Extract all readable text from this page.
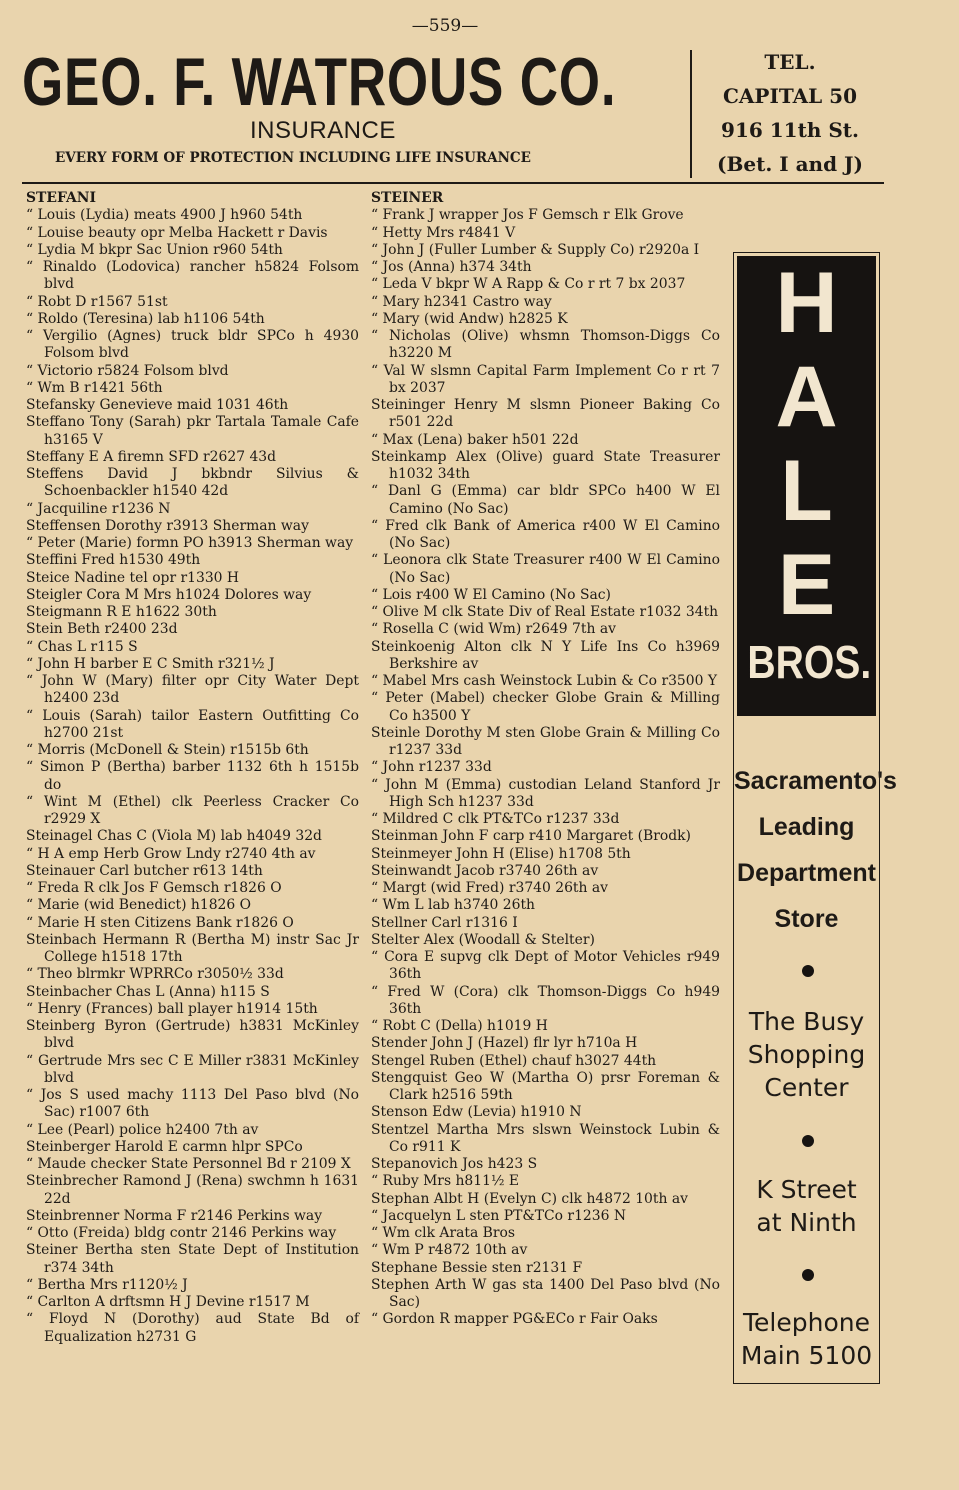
—559—
GEO. F. WATROUS CO.
INSURANCE
EVERY FORM OF PROTECTION INCLUDING LIFE INSURANCE
TEL.
CAPITAL 50
916 11th St.
(Bet. I and J)
STEFANI
“ Louis (Lydia) meats 4900 J h960 54th
“ Louise beauty opr Melba Hackett r Davis
“ Lydia M bkpr Sac Union r960 54th
“ Rinaldo (Lodovica) rancher h5824 Folsom blvd
“ Robt D r1567 51st
“ Roldo (Teresina) lab h1106 54th
“ Vergilio (Agnes) truck bldr SPCo h 4930 Folsom blvd
“ Victorio r5824 Folsom blvd
“ Wm B r1421 56th
Stefansky Genevieve maid 1031 46th
Steffano Tony (Sarah) pkr Tartala Tamale Cafe h3165 V
Steffany E A firemn SFD r2627 43d
Steffens David J bkbndr Silvius & Schoenbackler h1540 42d
“ Jacquiline r1236 N
Steffensen Dorothy r3913 Sherman way
“ Peter (Marie) formn PO h3913 Sherman way
Steffini Fred h1530 49th
Steice Nadine tel opr r1330 H
Steigler Cora M Mrs h1024 Dolores way
Steigmann R E h1622 30th
Stein Beth r2400 23d
“ Chas L r115 S
“ John H barber E C Smith r321½ J
“ John W (Mary) filter opr City Water Dept h2400 23d
“ Louis (Sarah) tailor Eastern Outfitting Co h2700 21st
“ Morris (McDonell & Stein) r1515b 6th
“ Simon P (Bertha) barber 1132 6th h 1515b do
“ Wint M (Ethel) clk Peerless Cracker Co r2929 X
Steinagel Chas C (Viola M) lab h4049 32d
“ H A emp Herb Grow Lndy r2740 4th av
Steinauer Carl butcher r613 14th
“ Freda R clk Jos F Gemsch r1826 O
“ Marie (wid Benedict) h1826 O
“ Marie H sten Citizens Bank r1826 O
Steinbach Hermann R (Bertha M) instr Sac Jr College h1518 17th
“ Theo blrmkr WPRRCo r3050½ 33d
Steinbacher Chas L (Anna) h115 S
“ Henry (Frances) ball player h1914 15th
Steinberg Byron (Gertrude) h3831 McKinley blvd
“ Gertrude Mrs sec C E Miller r3831 McKinley blvd
“ Jos S used machy 1113 Del Paso blvd (No Sac) r1007 6th
“ Lee (Pearl) police h2400 7th av
Steinberger Harold E carmn hlpr SPCo
“ Maude checker State Personnel Bd r 2109 X
Steinbrecher Ramond J (Rena) swchmn h 1631 22d
Steinbrenner Norma F r2146 Perkins way
“ Otto (Freida) bldg contr 2146 Perkins way
Steiner Bertha sten State Dept of Institution r374 34th
“ Bertha Mrs r1120½ J
“ Carlton A drftsmn H J Devine r1517 M
“ Floyd N (Dorothy) aud State Bd of Equalization h2731 G
STEINER
“ Frank J wrapper Jos F Gemsch r Elk Grove
“ Hetty Mrs r4841 V
“ John J (Fuller Lumber & Supply Co) r2920a I
“ Jos (Anna) h374 34th
“ Leda V bkpr W A Rapp & Co r rt 7 bx 2037
“ Mary h2341 Castro way
“ Mary (wid Andw) h2825 K
“ Nicholas (Olive) whsmn Thomson-Diggs Co h3220 M
“ Val W slsmn Capital Farm Implement Co r rt 7 bx 2037
Steininger Henry M slsmn Pioneer Baking Co r501 22d
“ Max (Lena) baker h501 22d
Steinkamp Alex (Olive) guard State Treasurer h1032 34th
“ Danl G (Emma) car bldr SPCo h400 W El Camino (No Sac)
“ Fred clk Bank of America r400 W El Camino (No Sac)
“ Leonora clk State Treasurer r400 W El Camino (No Sac)
“ Lois r400 W El Camino (No Sac)
“ Olive M clk State Div of Real Estate r1032 34th
“ Rosella C (wid Wm) r2649 7th av
Steinkoenig Alton clk N Y Life Ins Co h3969 Berkshire av
“ Mabel Mrs cash Weinstock Lubin & Co r3500 Y
“ Peter (Mabel) checker Globe Grain & Milling Co h3500 Y
Steinle Dorothy M sten Globe Grain & Milling Co r1237 33d
“ John r1237 33d
“ John M (Emma) custodian Leland Stanford Jr High Sch h1237 33d
“ Mildred C clk PT&TCo r1237 33d
Steinman John F carp r410 Margaret (Brodk)
Steinmeyer John H (Elise) h1708 5th
Steinwandt Jacob r3740 26th av
“ Margt (wid Fred) r3740 26th av
“ Wm L lab h3740 26th
Stellner Carl r1316 I
Stelter Alex (Woodall & Stelter)
“ Cora E supvg clk Dept of Motor Vehicles r949 36th
“ Fred W (Cora) clk Thomson-Diggs Co h949 36th
“ Robt C (Della) h1019 H
Stender John J (Hazel) flr lyr h710a H
Stengel Ruben (Ethel) chauf h3027 44th
Stengquist Geo W (Martha O) prsr Foreman & Clark h2516 59th
Stenson Edw (Levia) h1910 N
Stentzel Martha Mrs slswn Weinstock Lubin & Co r911 K
Stepanovich Jos h423 S
“ Ruby Mrs h811½ E
Stephan Albt H (Evelyn C) clk h4872 10th av
“ Jacquelyn L sten PT&TCo r1236 N
“ Wm clk Arata Bros
“ Wm P r4872 10th av
Stephane Bessie sten r2131 F
Stephen Arth W gas sta 1400 Del Paso blvd (No Sac)
“ Gordon R mapper PG&ECo r Fair Oaks
H
A
L
E
BROS.
Sacramento's
Leading
Department
Store
The Busy
Shopping
Center
K Street
at Ninth
Telephone
Main 5100
